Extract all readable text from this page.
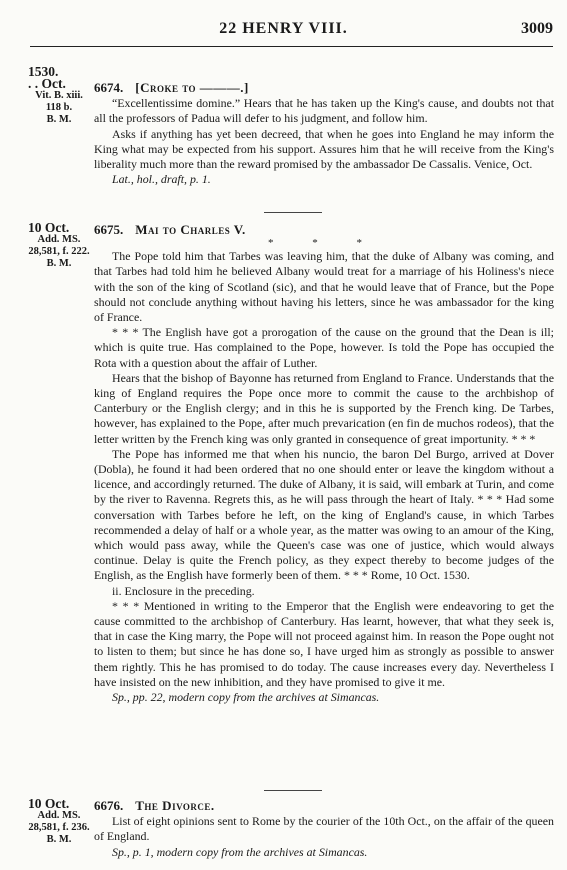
22 HENRY VIII.	3009
1530.
. . Oct.
Vit. B. xiii.
118 b.
B. M.
6674. [Croke to ———.]

“Excellentissime domine.” Hears that he has taken up the King's cause, and doubts not that all the professors of Padua will defer to his judgment, and follow him.

Asks if anything has yet been decreed, that when he goes into England he may inform the King what may be expected from his support. Assures him that he will receive from the King's liberality much more than the reward promised by the ambassador De Cassalis. Venice, Oct.

Lat., hol., draft, p. 1.

10 Oct.
Add. MS.
28,581, f. 222.
B. M.
6675. Mai to Charles V.
* * *

The Pope told him that Tarbes was leaving him, that the duke of Albany was coming, and that Tarbes had told him he believed Albany would treat for a marriage of his Holiness's niece with the son of the king of Scotland (sic), and that he would leave that of France, but the Pope should not conclude anything without having his letters, since he was ambassador for the king of France.

* * * The English have got a prorogation of the cause on the ground that the Dean is ill; which is quite true. Has complained to the Pope, however. Is told the Pope has occupied the Rota with a question about the affair of Luther.

Hears that the bishop of Bayonne has returned from England to France. Understands that the king of England requires the Pope once more to commit the cause to the archbishop of Canterbury or the English clergy; and in this he is supported by the French king. De Tarbes, however, has explained to the Pope, after much prevarication (en fin de muchos rodeos), that the letter written by the French king was only granted in consequence of great importunity. * * *

The Pope has informed me that when his nuncio, the baron Del Burgo, arrived at Dover (Dobla), he found it had been ordered that no one should enter or leave the kingdom without a licence, and accordingly returned. The duke of Albany, it is said, will embark at Turin, and come by the river to Ravenna. Regrets this, as he will pass through the heart of Italy. * * * Had some conversation with Tarbes before he left, on the king of England's cause, in which Tarbes recommended a delay of half or a whole year, as the matter was owing to an amour of the King, which would pass away, while the Queen's case was one of justice, which would always continue. Delay is quite the French policy, as they expect thereby to become judges of the English, as the English have formerly been of them. * * * Rome, 10 Oct. 1530.

ii. Enclosure in the preceding.

* * * Mentioned in writing to the Emperor that the English were endeavoring to get the cause committed to the archbishop of Canterbury. Has learnt, however, that what they seek is, that in case the King marry, the Pope will not proceed against him. In reason the Pope ought not to listen to them; but since he has done so, I have urged him as strongly as possible to answer them rightly. This he has promised to do today. The cause increases every day. Nevertheless I have insisted on the new inhibition, and they have promised to give it me.

Sp., pp. 22, modern copy from the archives at Simancas.

10 Oct.
Add. MS.
28,581, f. 236.
B. M.
6676. The Divorce.

List of eight opinions sent to Rome by the courier of the 10th Oct., on the affair of the queen of England.

Sp., p. 1, modern copy from the archives at Simancas.
